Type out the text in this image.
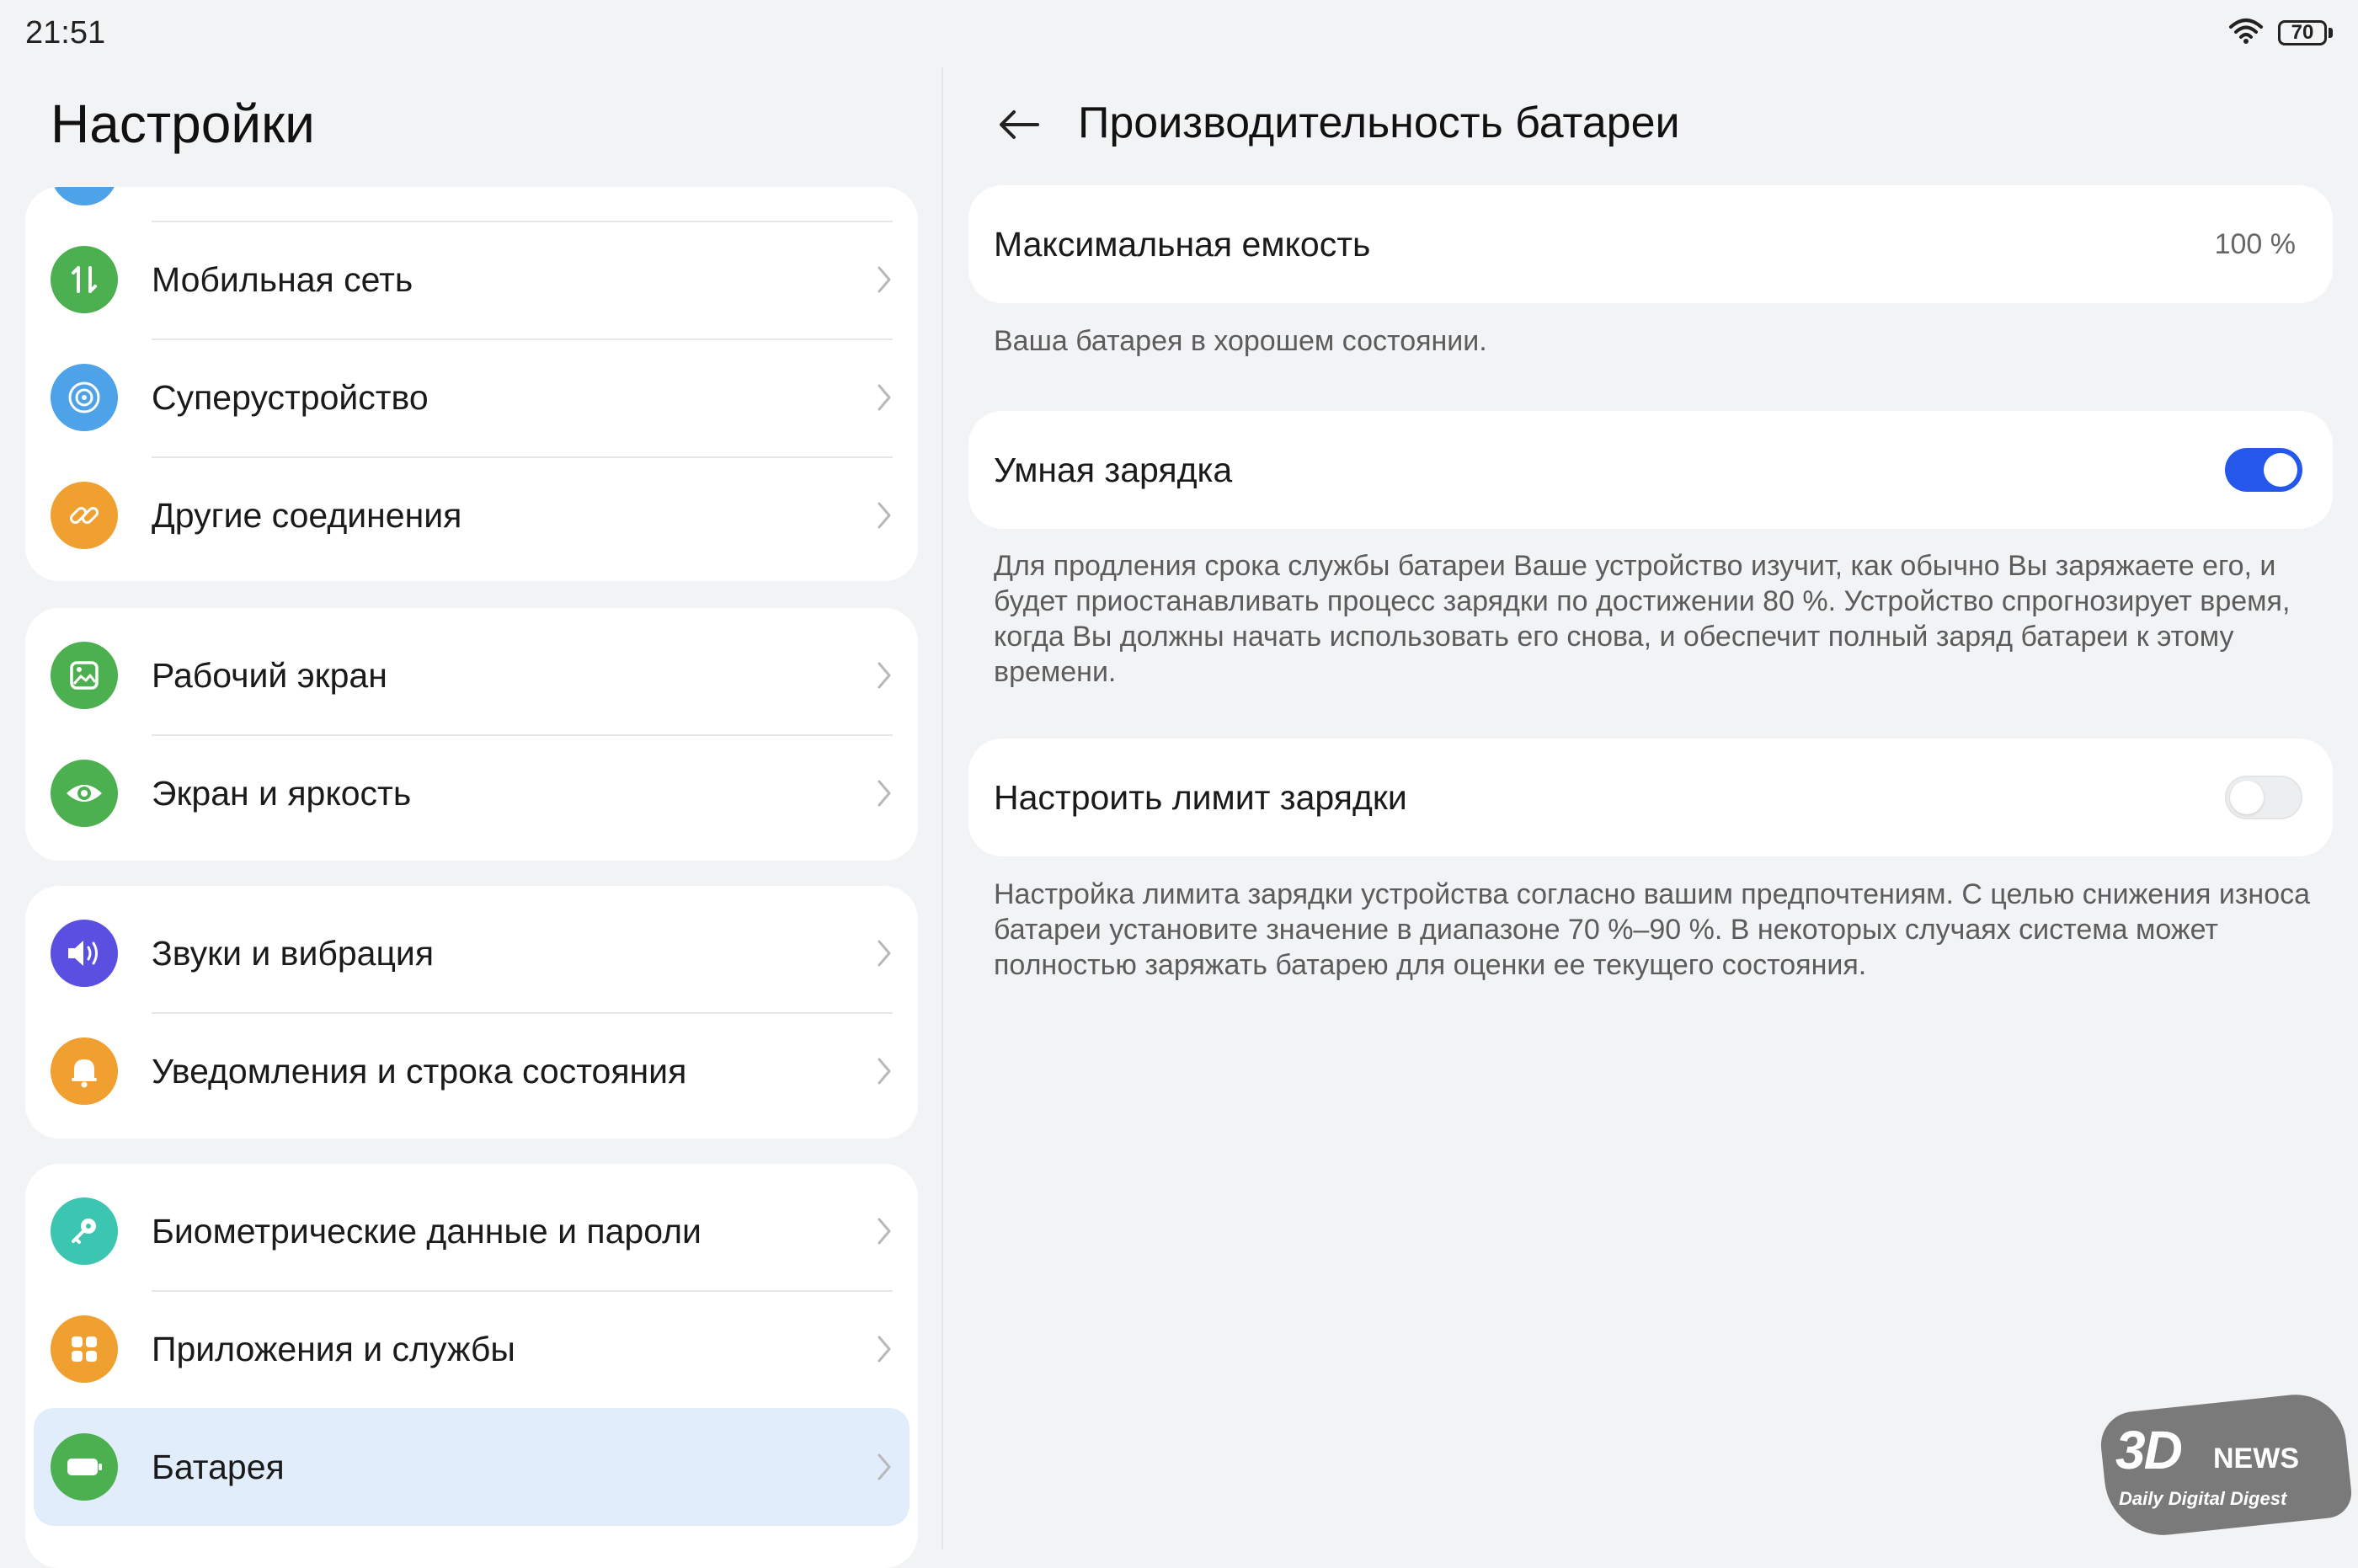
21:51	70
Настройки
Мобильная сеть
Суперустройство
Другие соединения
Рабочий экран
Экран и яркость
Звуки и вибрация
Уведомления и строка состояния
Биометрические данные и пароли
Приложения и службы
Батарея
Производительность батареи
Максимальная емкость	100 %
Ваша батарея в хорошем состоянии.
Умная зарядка
Для продления срока службы батареи Ваше устройство изучит, как обычно Вы заряжаете его, и будет приостанавливать процесс зарядки по достижении 80 %. Устройство спрогнозирует время, когда Вы должны начать использовать его снова, и обеспечит полный заряд батареи к этому времени.
Настроить лимит зарядки
Настройка лимита зарядки устройства согласно вашим предпочтениям. С целью снижения износа батареи установите значение в диапазоне 70 %–90 %. В некоторых случаях система может полностью заряжать батарею для оценки ее текущего состояния.
3D NEWS
Daily Digital Digest
